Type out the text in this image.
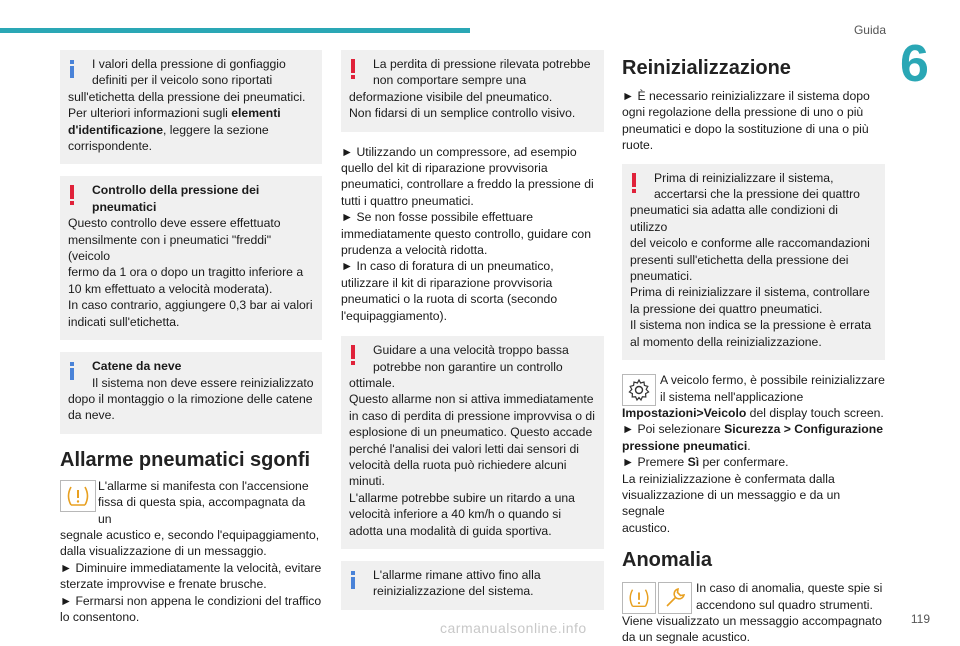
Guida
6
119
carmanualsonline.info

I valori della pressione di gonfiaggio

definiti per il veicolo sono riportati

sull'etichetta della pressione dei pneumatici.

Per ulteriori informazioni sugli elementi d'identificazione, leggere la sezione corrispondente.

Controllo della pressione dei

pneumatici

Questo controllo deve essere effettuato

mensilmente con i pneumatici "freddi" (veicolo

fermo da 1 ora o dopo un tragitto inferiore a

10 km effettuato a velocità moderata).

In caso contrario, aggiungere 0,3 bar ai valori

indicati sull'etichetta.

Catene da neve

Il sistema non deve essere reinizializzato

dopo il montaggio o la rimozione delle catene

da neve.

Allarme pneumatici sgonfi

L'allarme si manifesta con l'accensione

fissa di questa spia, accompagnata da un

segnale acustico e, secondo l'equipaggiamento,

dalla visualizzazione di un messaggio.

► Diminuire immediatamente la velocità, evitare

sterzate improvvise e frenate brusche.

► Fermarsi non appena le condizioni del traffico

lo consentono.

La perdita di pressione rilevata potrebbe

non comportare sempre una

deformazione visibile del pneumatico.

Non fidarsi di un semplice controllo visivo.

► Utilizzando un compressore, ad esempio

quello del kit di riparazione provvisoria

pneumatici, controllare a freddo la pressione di

tutti i quattro pneumatici.

► Se non fosse possibile effettuare

immediatamente questo controllo, guidare con

prudenza a velocità ridotta.

► In caso di foratura di un pneumatico,

utilizzare il kit di riparazione provvisoria

pneumatici o la ruota di scorta (secondo

l'equipaggiamento).

Guidare a una velocità troppo bassa

potrebbe non garantire un controllo

ottimale.

Questo allarme non si attiva immediatamente

in caso di perdita di pressione improvvisa o di

esplosione di un pneumatico. Questo accade

perché l'analisi dei valori letti dai sensori di

velocità della ruota può richiedere alcuni

minuti.

L'allarme potrebbe subire un ritardo a una

velocità inferiore a 40 km/h o quando si

adotta una modalità di guida sportiva.

L'allarme rimane attivo fino alla

reinizializzazione del sistema.

Reinizializzazione

► È necessario reinizializzare il sistema dopo

ogni regolazione della pressione di uno o più

pneumatici e dopo la sostituzione di una o più

ruote.

Prima di reinizializzare il sistema,

accertarsi che la pressione dei quattro

pneumatici sia adatta alle condizioni di utilizzo

del veicolo e conforme alle raccomandazioni

presenti sull'etichetta della pressione dei

pneumatici.

Prima di reinizializzare il sistema, controllare

la pressione dei quattro pneumatici.

Il sistema non indica se la pressione è errata

al momento della reinizializzazione.

A veicolo fermo, è possibile reinizializzare

il sistema nell'applicazione

Impostazioni>Veicolo del display touch screen.

► Poi selezionare Sicurezza > Configurazione pressione pneumatici.

► Premere Sì per confermare.

La reinizializzazione è confermata dalla

visualizzazione di un messaggio e da un segnale

acustico.

Anomalia

In caso di anomalia, queste spie si

accendono sul quadro strumenti.

Viene visualizzato un messaggio accompagnato

da un segnale acustico.
